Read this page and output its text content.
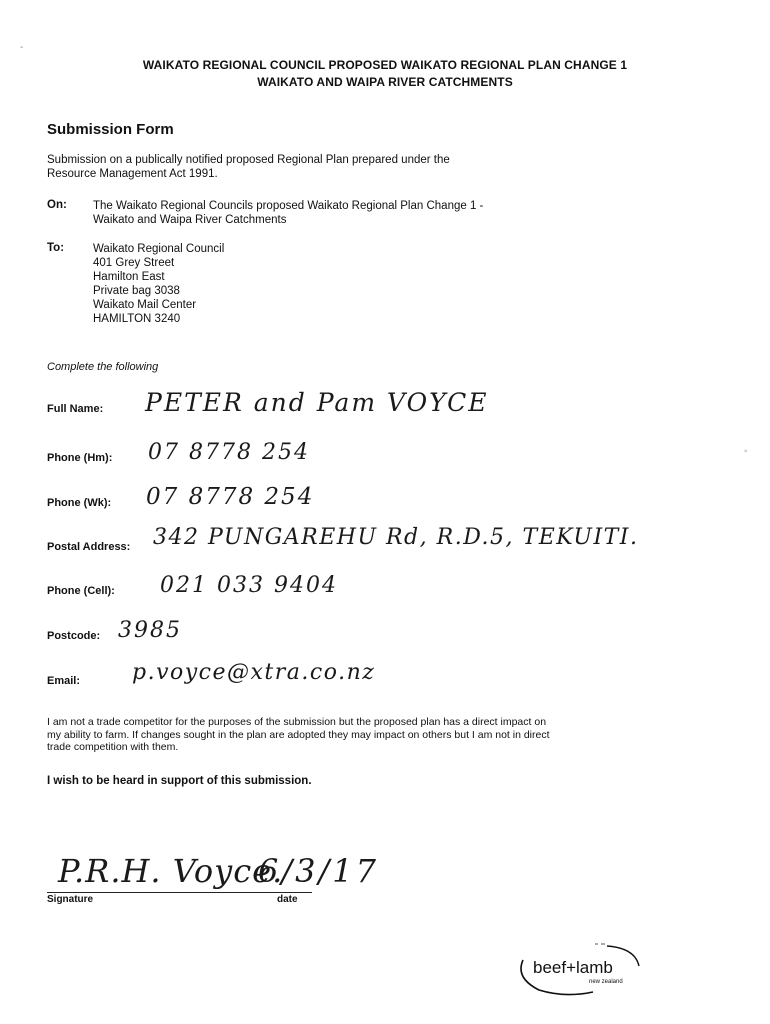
-
◦
WAIKATO REGIONAL COUNCIL PROPOSED WAIKATO REGIONAL PLAN CHANGE 1
WAIKATO AND WAIPA RIVER CATCHMENTS
Submission Form
Submission on a publically notified proposed Regional Plan prepared under the
Resource Management Act 1991.
On: The Waikato Regional Councils proposed Waikato Regional Plan Change 1 -
Waikato and Waipa River Catchments
To:	Waikato Regional Council
401 Grey Street
Hamilton East
Private bag 3038
Waikato Mail Center
HAMILTON 3240
Complete the following
Full Name: PETER and Pam VOYCE
Phone (Hm): 07 8778 254
Phone (Wk): 07 8778 254
Postal Address: 342 PUNGAREHU Rd, R.D.5, TEKUITI.
Phone (Cell): 021 033 9404
Postcode: 3985
Email: p.voyce@xtra.co.nz
I am not a trade competitor for the purposes of the submission but the proposed plan has a direct impact on
my ability to farm. If changes sought in the plan are adopted they may impact on others but I am not in direct
trade competition with them.
I wish to be heard in support of this submission.
P.R.H. Voyce.
6/3/17
Signature	date
beef+lamb
new zealand
